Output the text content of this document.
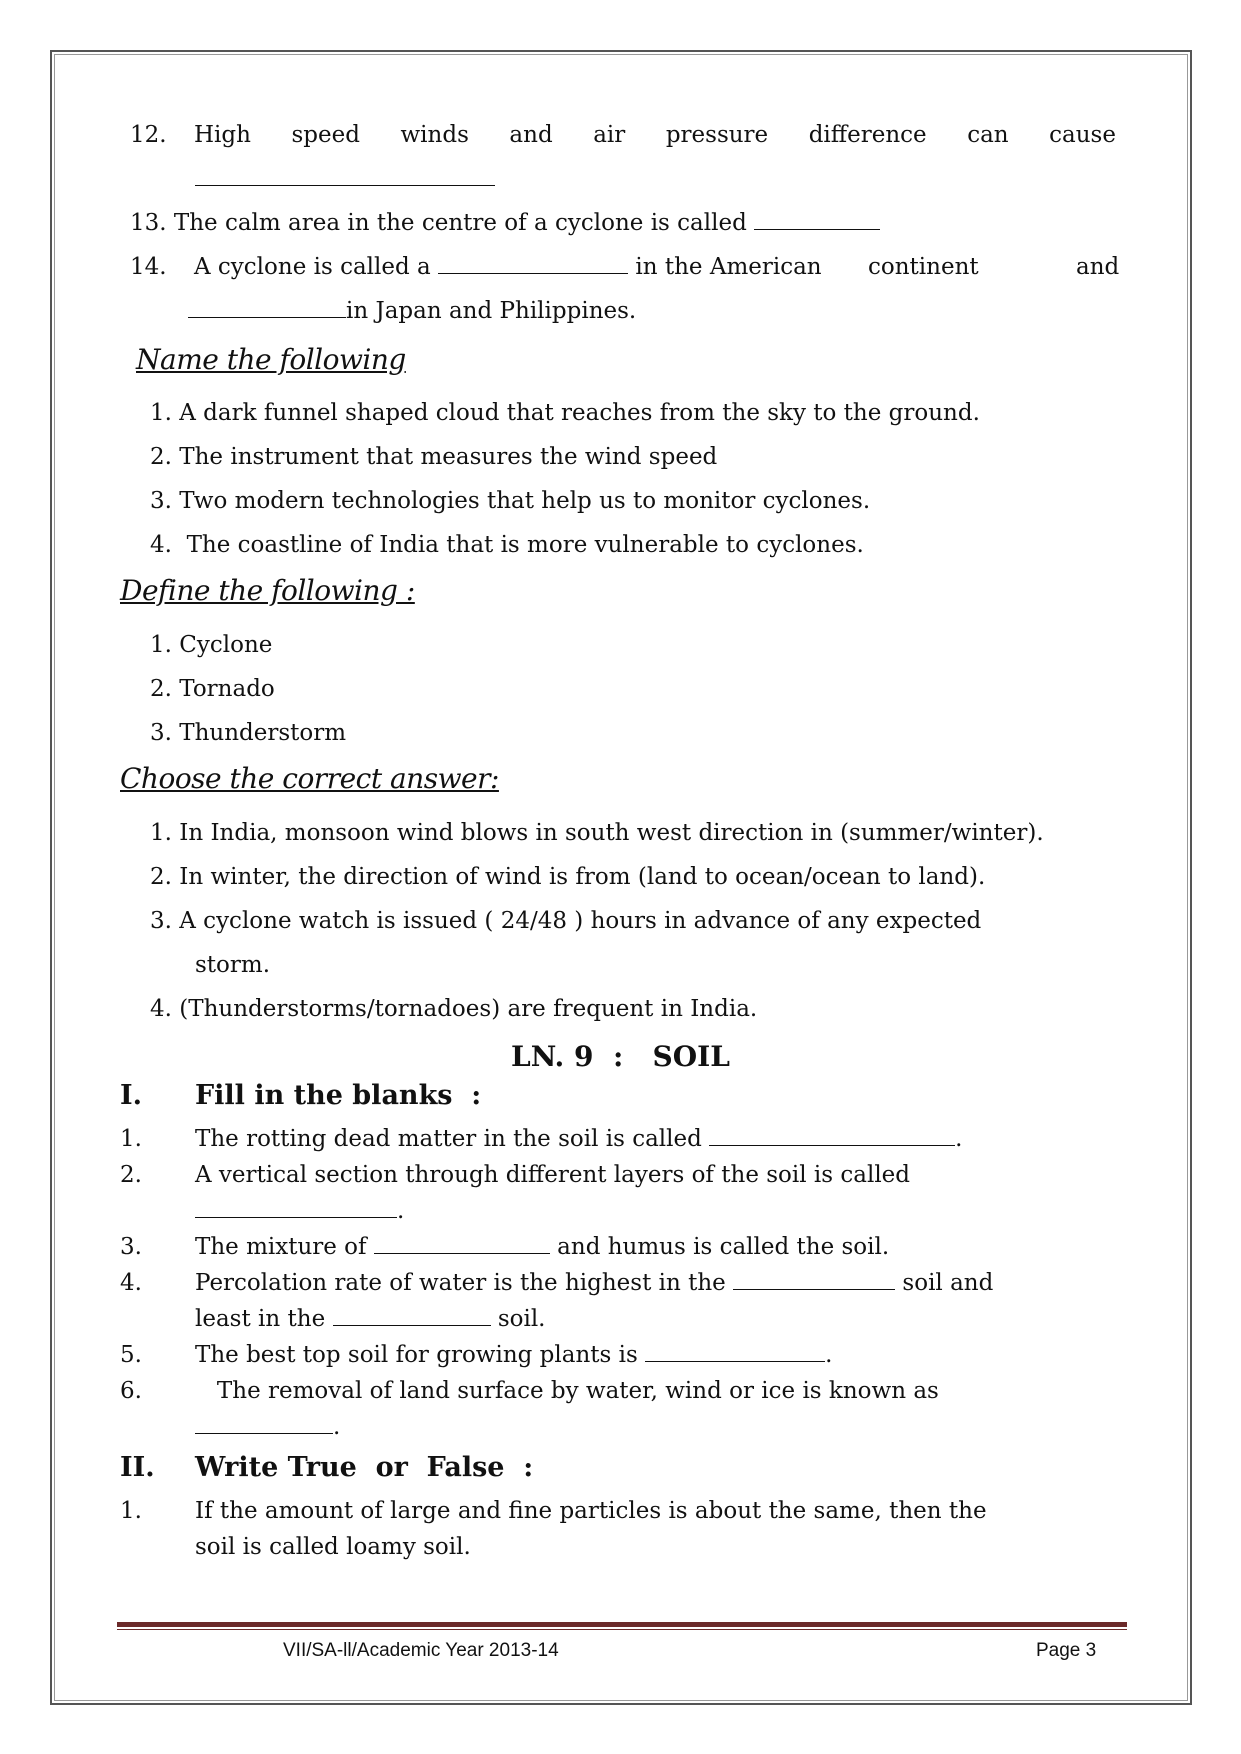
12. High speed winds and air pressure difference can cause
13. The calm area in the centre of a cyclone is called
14. A cyclone is called a	in the American continent	and
in Japan and Philippines.
Name the following
1. A dark funnel shaped cloud that reaches from the sky to the ground.
2. The instrument that measures the wind speed
3. Two modern technologies that help us to monitor cyclones.
4.  The coastline of India that is more vulnerable to cyclones.
Define the following :
1. Cyclone
2. Tornado
3. Thunderstorm
Choose the correct answer:
1. In India, monsoon wind blows in south west direction in (summer/winter).
2. In winter, the direction of wind is from (land to ocean/ocean to land).
3. A cyclone watch is issued ( 24/48 ) hours in advance of any expected
storm.
4. (Thunderstorms/tornadoes) are frequent in India.
LN. 9  :   SOIL
I. Fill in the blanks  :
1. The rotting dead matter in the soil is called	.
2. A vertical section through different layers of the soil is called
.
3. The mixture of	and humus is called the soil.
4. Percolation rate of water is the highest in the	soil and
least in the	soil.
5. The best top soil for growing plants is	.
6. The removal of land surface by water, wind or ice is known as
.
II. Write True  or  False  :
1. If the amount of large and fine particles is about the same, then the
soil is called loamy soil.
VII/SA-ll/Academic Year 2013-14	Page 3
